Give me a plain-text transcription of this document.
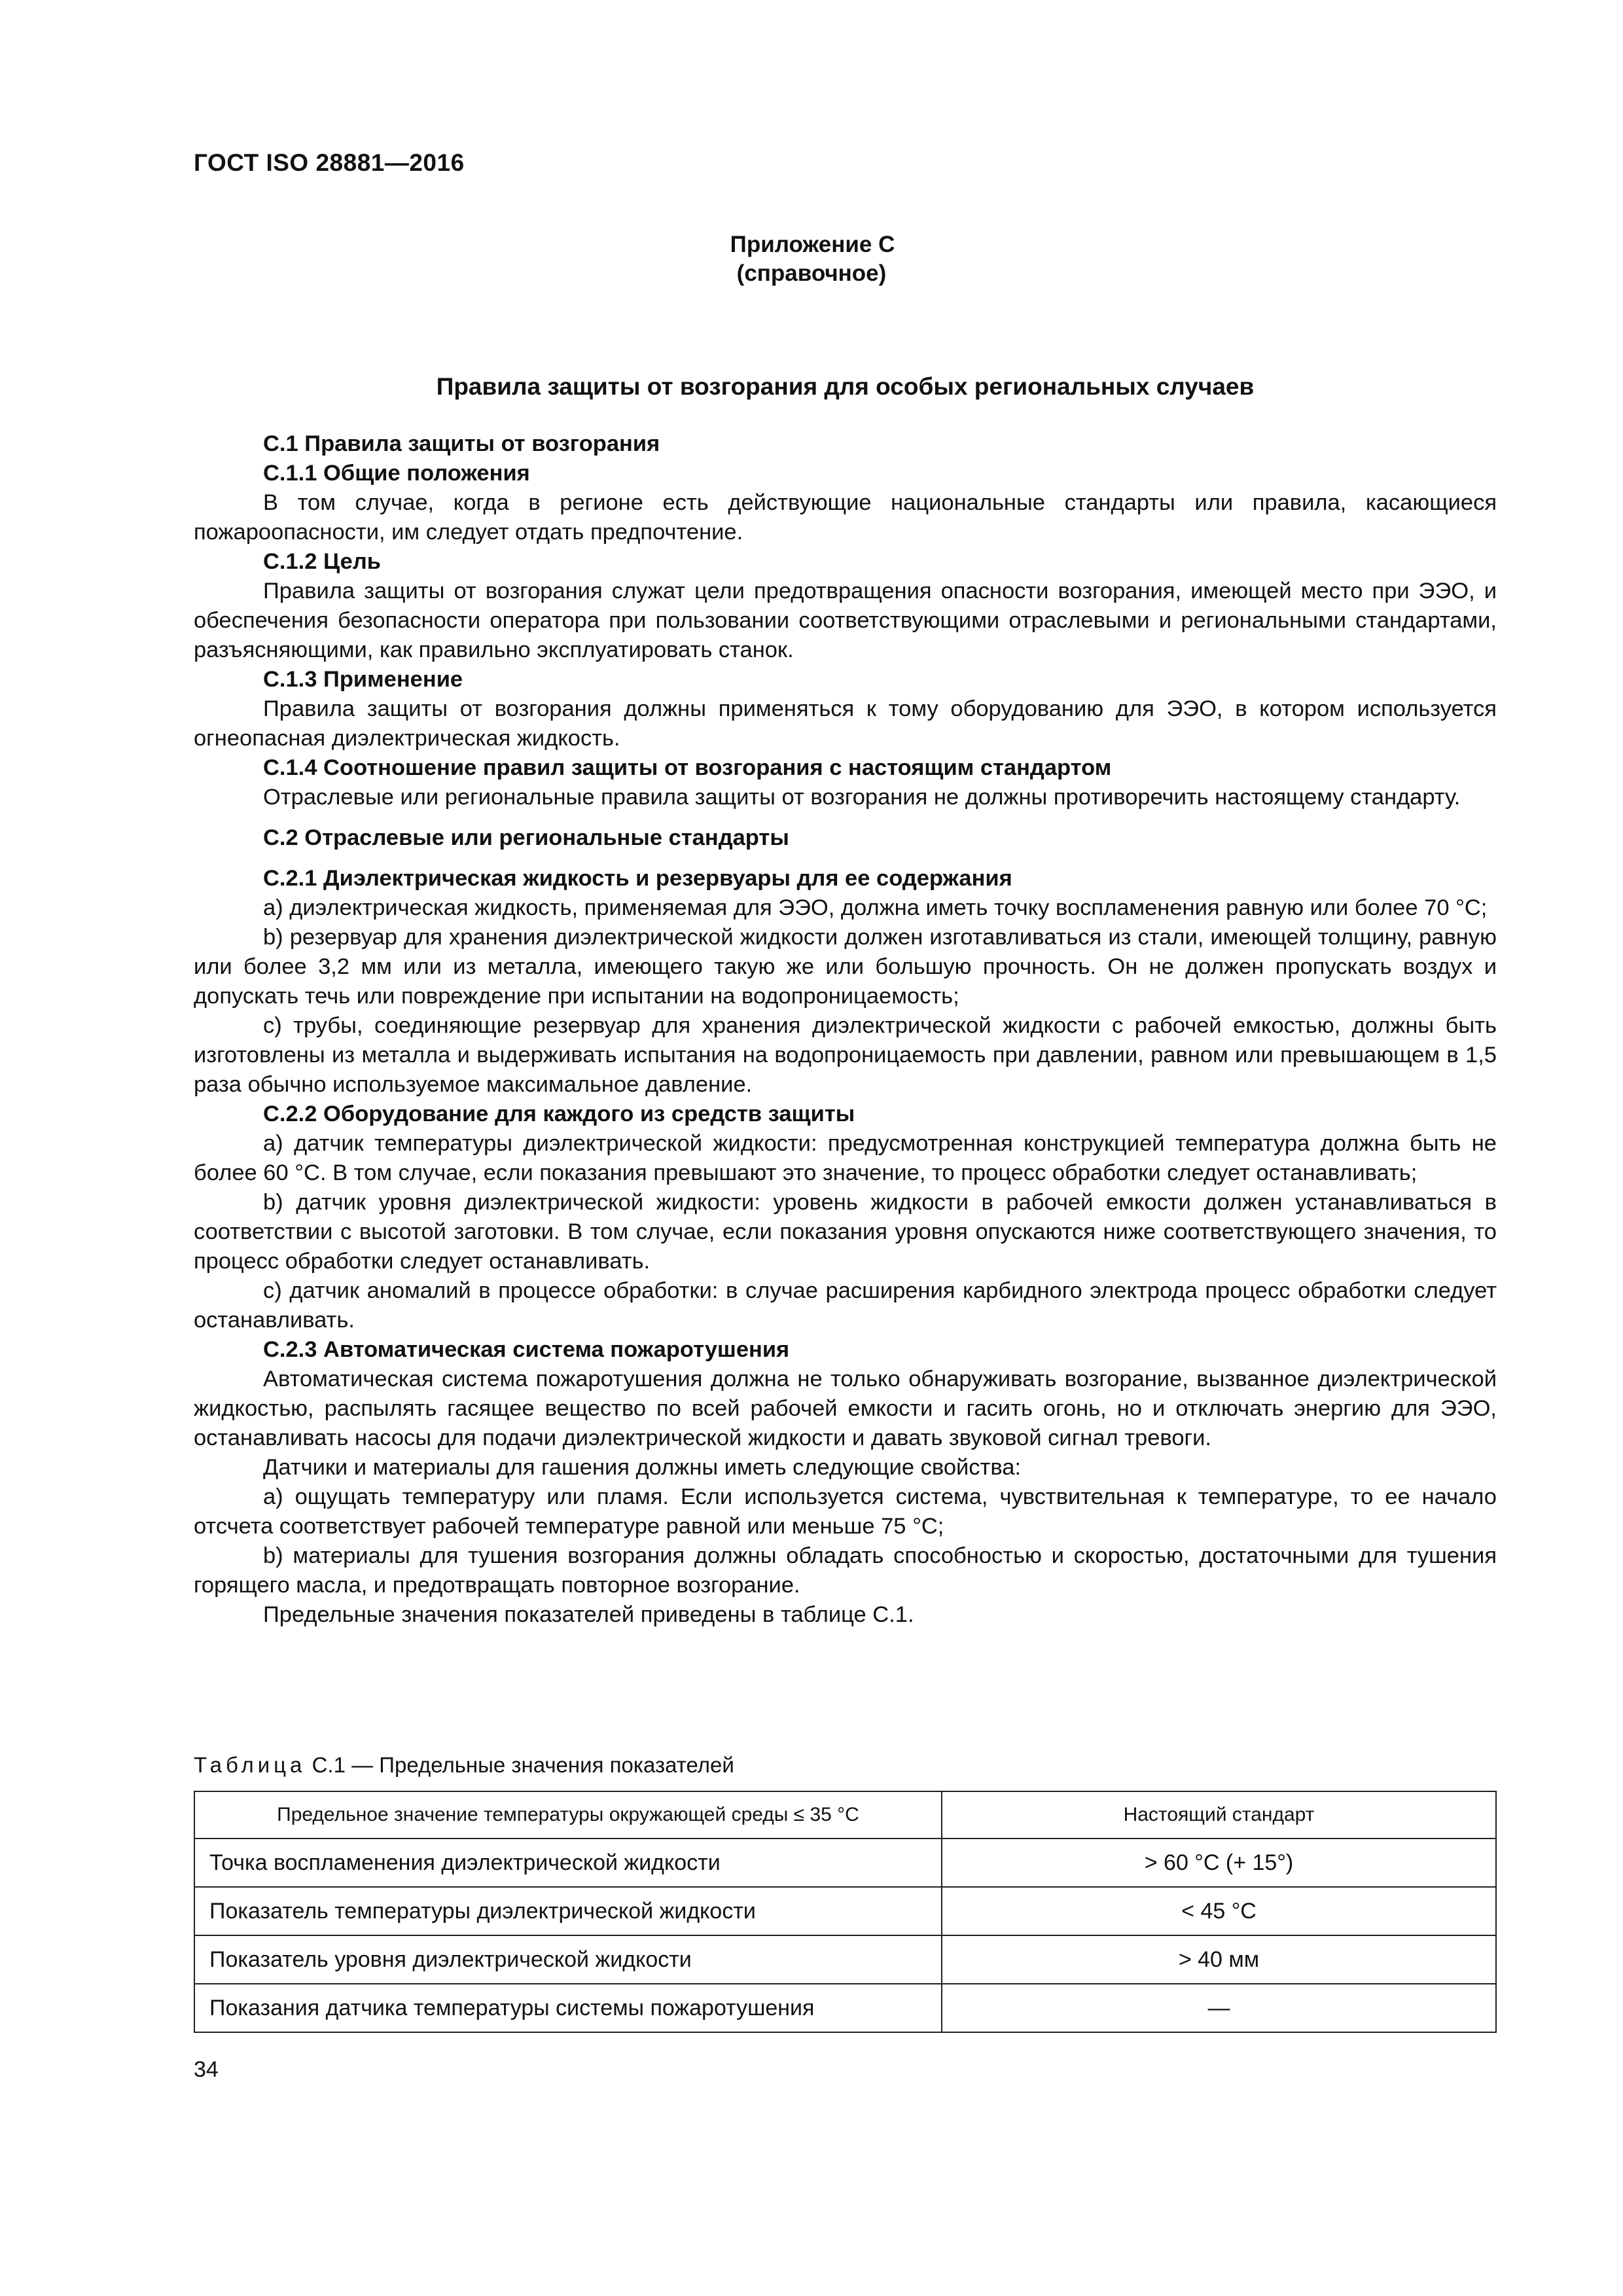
ГОСТ ISO 28881—2016
Приложение С
(справочное)
Правила защиты от возгорания для особых региональных случаев

С.1 Правила защиты от возгорания

С.1.1 Общие положения

В том случае, когда в регионе есть действующие национальные стандарты или правила, касающиеся пожароопасности, им следует отдать предпочтение.

С.1.2 Цель

Правила защиты от возгорания служат цели предотвращения опасности возгорания, имеющей место при ЭЭО, и обеспечения безопасности оператора при пользовании соответствующими отраслевыми и региональными стандартами, разъясняющими, как правильно эксплуатировать станок.

С.1.3 Применение

Правила защиты от возгорания должны применяться к тому оборудованию для ЭЭО, в котором используется огнеопасная диэлектрическая жидкость.

С.1.4 Соотношение правил защиты от возгорания с настоящим стандартом

Отраслевые или региональные правила защиты от возгорания не должны противоречить настоящему стандарту.

С.2 Отраслевые или региональные стандарты

С.2.1 Диэлектрическая жидкость и резервуары для ее содержания

a) диэлектрическая жидкость, применяемая для ЭЭО, должна иметь точку воспламенения равную или более 70 °С;

b) резервуар для хранения диэлектрической жидкости должен изготавливаться из стали, имеющей толщину, равную или более 3,2 мм или из металла, имеющего такую же или большую прочность. Он не должен пропускать воздух и допускать течь или повреждение при испытании на водопроницаемость;

c) трубы, соединяющие резервуар для хранения диэлектрической жидкости с рабочей емкостью, должны быть изготовлены из металла и выдерживать испытания на водопроницаемость при давлении, равном или превышающем в 1,5 раза обычно используемое максимальное давление.

С.2.2 Оборудование для каждого из средств защиты

a) датчик температуры диэлектрической жидкости: предусмотренная конструкцией температура должна быть не более 60 °С. В том случае, если показания превышают это значение, то процесс обработки следует останавливать;

b) датчик уровня диэлектрической жидкости: уровень жидкости в рабочей емкости должен устанавливаться в соответствии с высотой заготовки. В том случае, если показания уровня опускаются ниже соответствующего значения, то процесс обработки следует останавливать.

c) датчик аномалий в процессе обработки: в случае расширения карбидного электрода процесс обработки следует останавливать.

С.2.3 Автоматическая система пожаротушения

Автоматическая система пожаротушения должна не только обнаруживать возгорание, вызванное диэлектрической жидкостью, распылять гасящее вещество по всей рабочей емкости и гасить огонь, но и отключать энергию для ЭЭО, останавливать насосы для подачи диэлектрической жидкости и давать звуковой сигнал тревоги.

Датчики и материалы для гашения должны иметь следующие свойства:

a) ощущать температуру или пламя. Если используется система, чувствительная к температуре, то ее начало отсчета соответствует рабочей температуре равной или меньше 75 °С;

b) материалы для тушения возгорания должны обладать способностью и скоростью, достаточными для тушения горящего масла, и предотвращать повторное возгорание.

Предельные значения показателей приведены в таблице С.1.

Таблица С.1 — Предельные значения показателей
Предельное значение температуры окружающей среды ≤ 35 °С	Настоящий стандарт
Точка воспламенения диэлектрической жидкости	> 60 °С (+ 15°)
Показатель температуры диэлектрической жидкости	< 45 °С
Показатель уровня диэлектрической жидкости	> 40 мм
Показания датчика температуры системы пожаротушения	—
34
